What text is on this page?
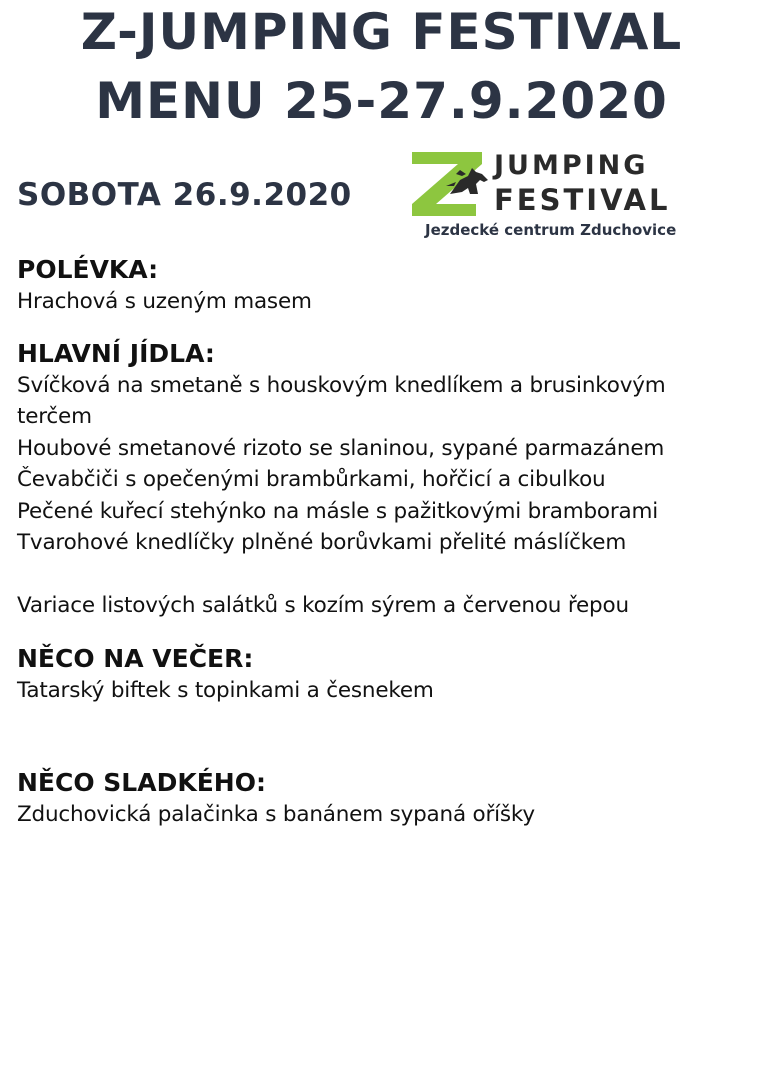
Z-JUMPING FESTIVAL
MENU 25-27.9.2020
SOBOTA 26.9.2020
JUMPING
FESTIVAL
Jezdecké centrum Zduchovice

POLÉVKA:

Hrachová s uzeným masem

HLAVNÍ JÍDLA:

Svíčková na smetaně s houskovým knedlíkem a brusinkovým

terčem

Houbové smetanové rizoto se slaninou, sypané parmazánem

Čevabčiči s opečenými brambůrkami, hořčicí a cibulkou

Pečené kuřecí stehýnko na másle s pažitkovými bramborami

Tvarohové knedlíčky plněné borůvkami přelité máslíčkem

Variace listových salátků s kozím sýrem a červenou řepou

NĚCO NA VEČER:

Tatarský biftek s topinkami a česnekem

NĚCO SLADKÉHO:

Zduchovická palačinka s banánem sypaná oříšky
